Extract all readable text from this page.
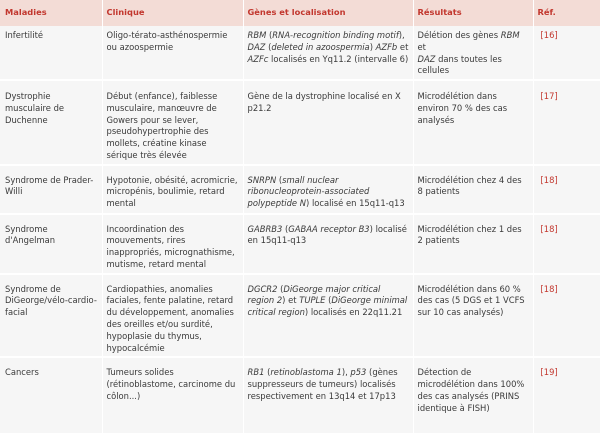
Maladies	Clinique	Gènes et localisation	Résultats	Réf.
Infertilité	Oligo-térato-asthénospermie ou azoospermie	RBM (RNA-recognition binding motif),
DAZ (deleted in azoospermia) AZFb et
AZFc localisés en Yq11.2 (intervalle 6)	Délétion des gènes RBM et
DAZ dans toutes les cellules	[16]
Dystrophie musculaire de Duchenne	Début (enfance), faiblesse musculaire, manœuvre de Gowers pour se lever, pseudohypertrophie des mollets, créatine kinase sérique très élevée	Gène de la dystrophine localisé en X p21.2	Microdélétion dans environ 70 % des cas analysés	[17]
Syndrome de Prader-Willi	Hypotonie, obésité, acromicrie, micropénis, boulimie, retard mental	SNRPN (small nuclear ribonucleoprotein-associated polypeptide N) localisé en 15q11-q13	Microdélétion chez 4 des 8 patients	[18]
Syndrome d'Angelman	Incoordination des mouvements, rires inappropriés, micrognathisme, mutisme, retard mental	GABRB3 (GABAA receptor B3) localisé en 15q11-q13	Microdélétion chez 1 des 2 patients	[18]
Syndrome de DiGeorge/vélo-cardio-facial	Cardiopathies, anomalies faciales, fente palatine, retard du développement, anomalies des oreilles et/ou surdité, hypoplasie du thymus, hypocalcémie	DGCR2 (DiGeorge major critical region 2) et TUPLE (DiGeorge minimal critical region) localisés en 22q11.21	Microdélétion dans 60 % des cas (5 DGS et 1 VCFS sur 10 cas analysés)	[18]
Cancers	Tumeurs solides (rétinoblastome, carcinome du côlon...)	RB1 (retinoblastoma 1), p53 (gènes suppresseurs de tumeurs) localisés respectivement en 13q14 et 17p13	Détection de microdélétion dans 100% des cas analysés (PRINS identique à FISH)	[19]
